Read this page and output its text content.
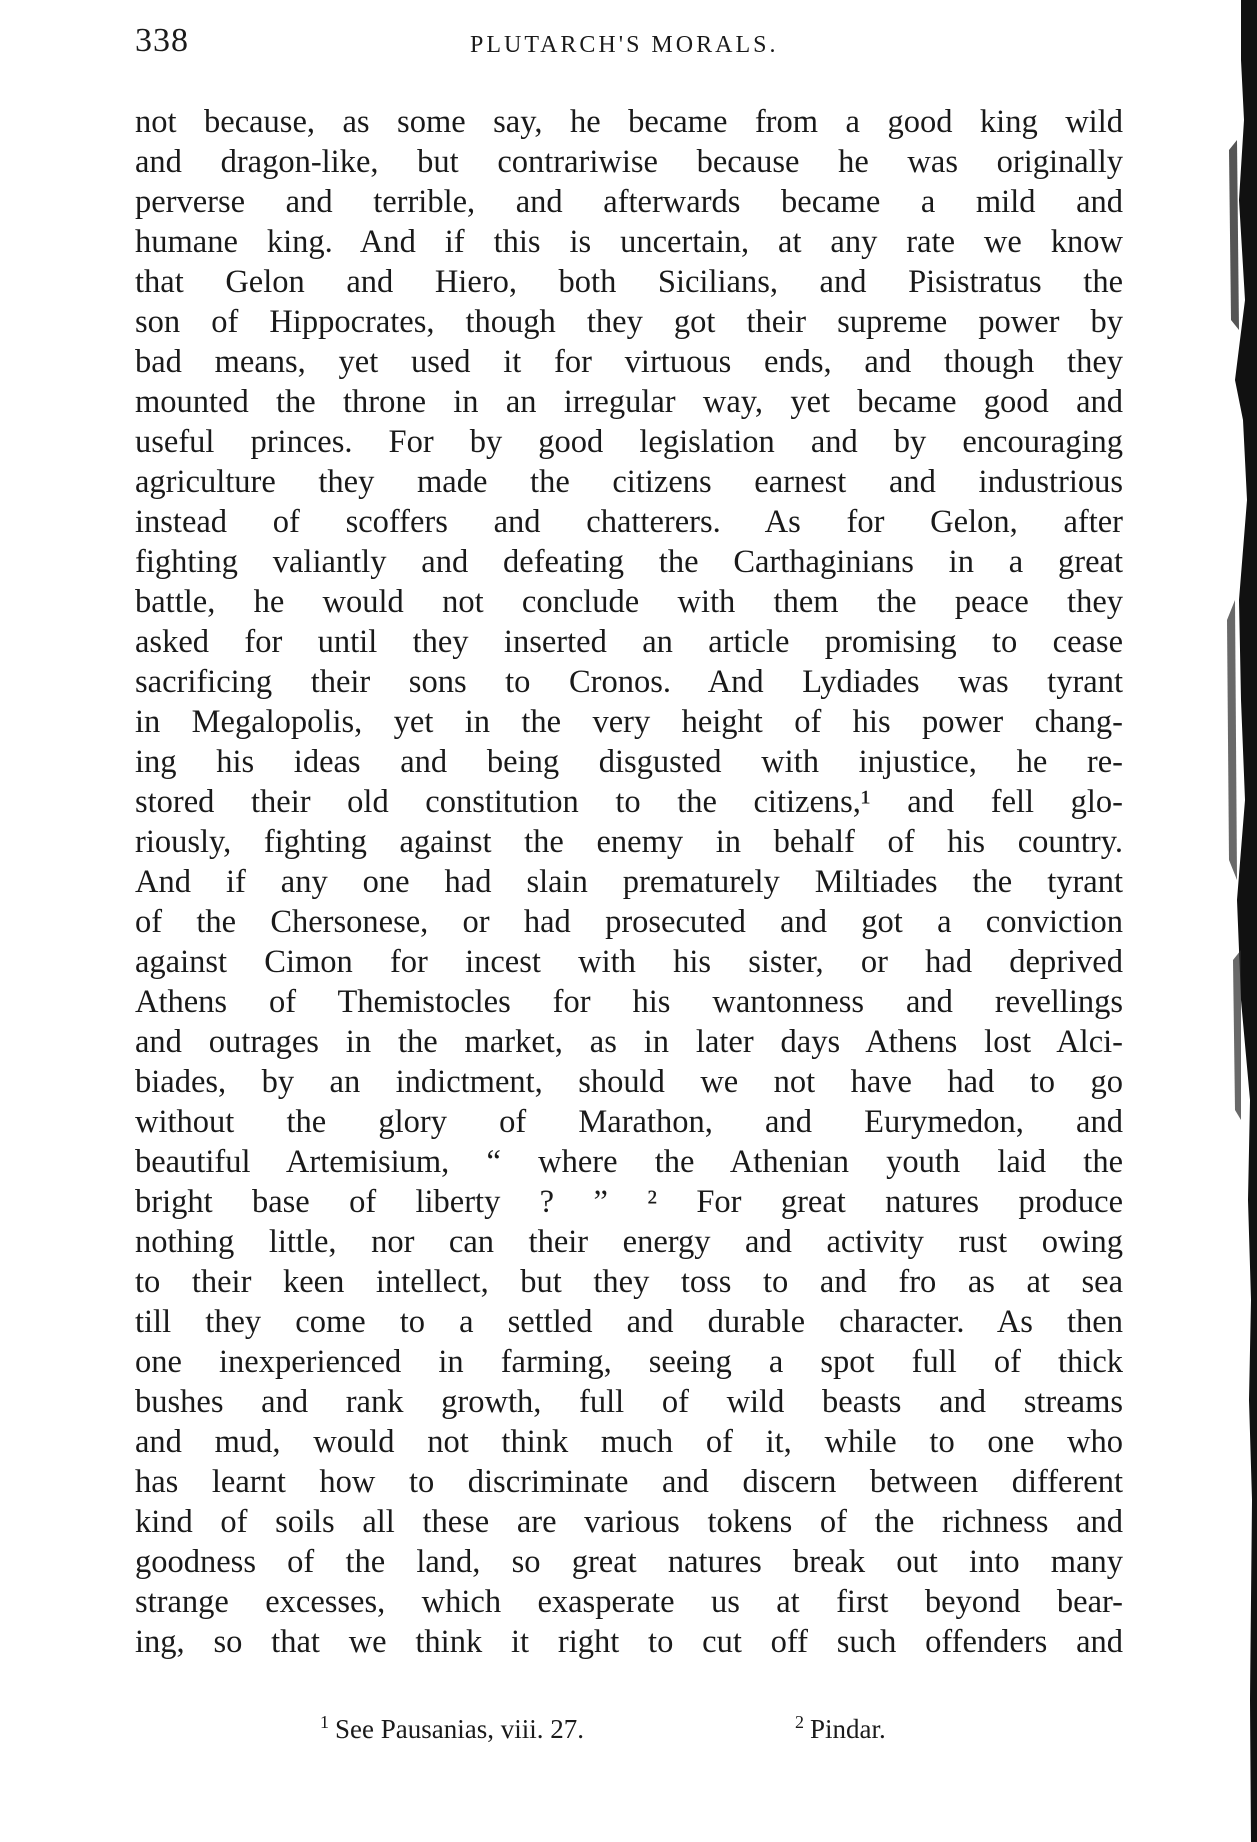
338	PLUTARCH'S MORALS.
not because, as some say, he became from a good king wild
and dragon-like, but contrariwise because he was originally
perverse and terrible, and afterwards became a mild and
humane king. And if this is uncertain, at any rate we know
that Gelon and Hiero, both Sicilians, and Pisistratus the
son of Hippocrates, though they got their supreme power by
bad means, yet used it for virtuous ends, and though they
mounted the throne in an irregular way, yet became good and
useful princes. For by good legislation and by encouraging
agriculture they made the citizens earnest and industrious
instead of scoffers and chatterers. As for Gelon, after
fighting valiantly and defeating the Carthaginians in a great
battle, he would not conclude with them the peace they
asked for until they inserted an article promising to cease
sacrificing their sons to Cronos. And Lydiades was tyrant
in Megalopolis, yet in the very height of his power chang-
ing his ideas and being disgusted with injustice, he re-
stored their old constitution to the citizens,¹ and fell glo-
riously, fighting against the enemy in behalf of his country.
And if any one had slain prematurely Miltiades the tyrant
of the Chersonese, or had prosecuted and got a conviction
against Cimon for incest with his sister, or had deprived
Athens of Themistocles for his wantonness and revellings
and outrages in the market, as in later days Athens lost Alci-
biades, by an indictment, should we not have had to go
without the glory of Marathon, and Eurymedon, and
beautiful Artemisium, “ where the Athenian youth laid the
bright base of liberty ? ” ² For great natures produce
nothing little, nor can their energy and activity rust owing
to their keen intellect, but they toss to and fro as at sea
till they come to a settled and durable character. As then
one inexperienced in farming, seeing a spot full of thick
bushes and rank growth, full of wild beasts and streams
and mud, would not think much of it, while to one who
has learnt how to discriminate and discern between different
kind of soils all these are various tokens of the richness and
goodness of the land, so great natures break out into many
strange excesses, which exasperate us at first beyond bear-
ing, so that we think it right to cut off such offenders and
$^1$ See Pausanias, viii. 27.	$^2$ Pindar.
